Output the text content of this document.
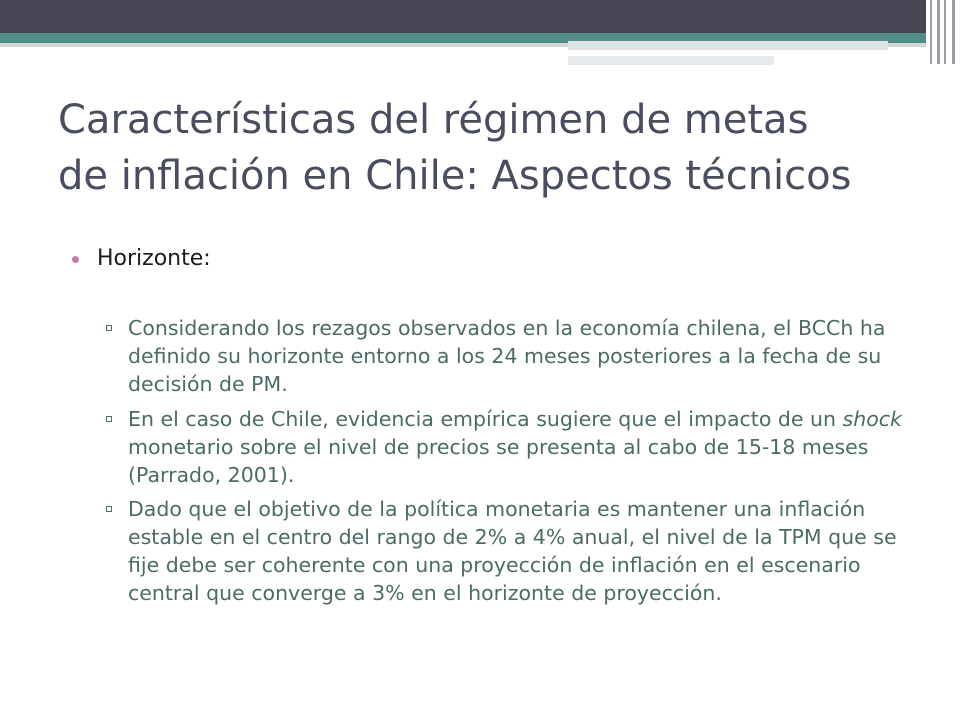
Características del régimen de metas
de inflación en Chile: Aspectos técnicos
Horizonte:
Considerando los rezagos observados en la economía chilena, el BCCh ha definido su horizonte entorno a los 24 meses posteriores a la fecha de su decisión de PM.
En el caso de Chile, evidencia empírica sugiere que el impacto de un shock monetario sobre el nivel de precios se presenta al cabo de 15-18 meses (Parrado, 2001).
Dado que el objetivo de la política monetaria es mantener una inflación estable en el centro del rango de 2% a 4% anual, el nivel de la TPM que se fije debe ser coherente con una proyección de inflación en el escenario central que converge a 3% en el horizonte de proyección.
